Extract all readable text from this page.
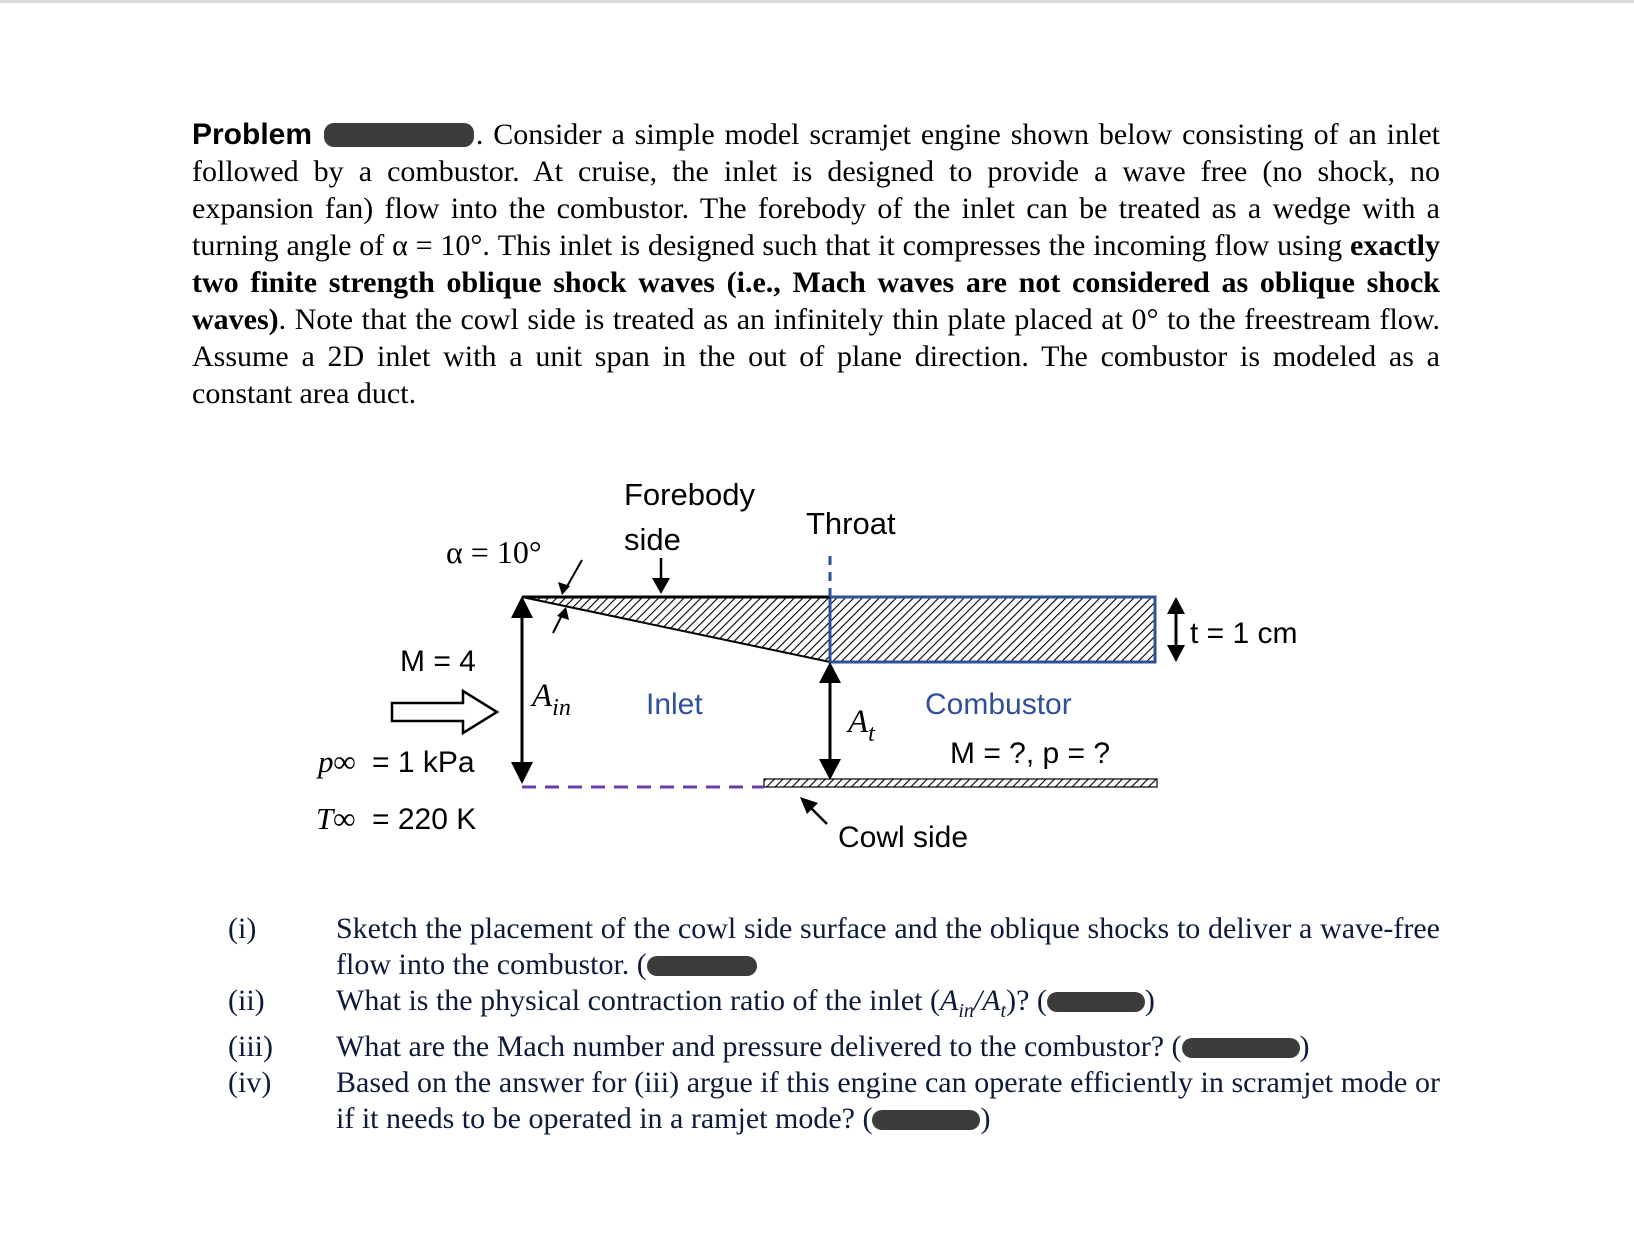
Problem	. Consider a simple model scramjet engine shown below consisting of an inlet followed by a combustor. At cruise, the inlet is designed to provide a wave free (no shock, no expansion fan) flow into the combustor. The forebody of the inlet can be treated as a wedge with a turning angle of α = 10°. This inlet is designed such that it compresses the incoming flow using exactly two finite strength oblique shock waves (i.e., Mach waves are not considered as oblique shock waves). Note that the cowl side is treated as an infinitely thin plate placed at 0° to the freestream flow. Assume a 2D inlet with a unit span in the out of plane direction. The combustor is modeled as a constant area duct.
Forebody
side	Throat
α = 10°
M = 4
$A_{in}$	Inlet	$A_t$
Combustor
M = ?, p = ?
p∞ = 1 kPa
T∞ = 220 K
t = 1 cm
Cowl side
(i)	Sketch the placement of the cowl side surface and the oblique shocks to deliver a wave-free flow into the combustor. (
(ii)	What is the physical contraction ratio of the inlet $(A_{in}/A_t)$? (	)
(iii)	What are the Mach number and pressure delivered to the combustor? (	)
(iv)	Based on the answer for (iii) argue if this engine can operate efficiently in scramjet mode or if it needs to be operated in a ramjet mode? (	)
